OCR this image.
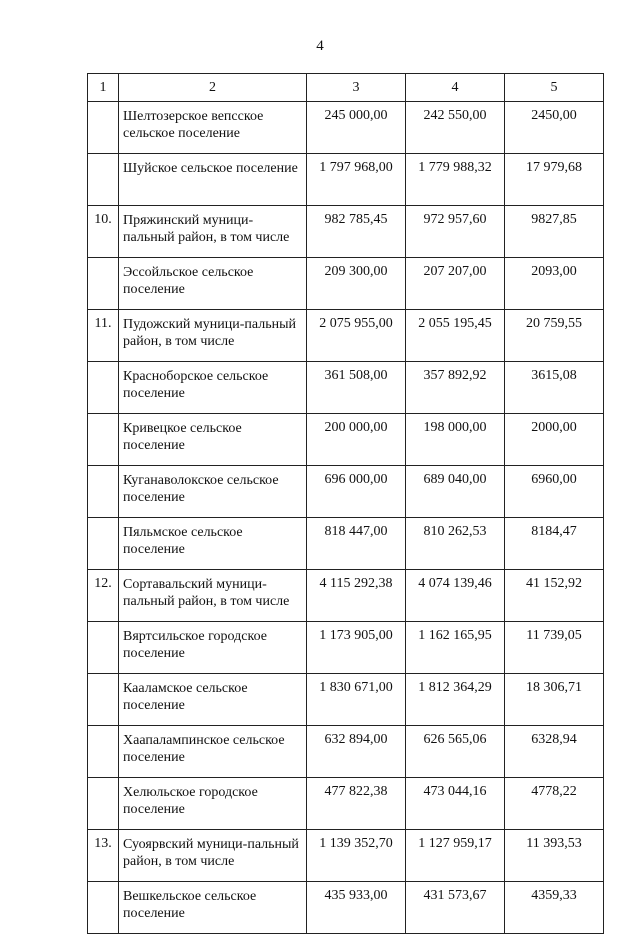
4
1	2	3	4	5
	Шелтозерское вепсское сельское поселение	245 000,00	242 550,00	2450,00
	Шуйское сельское поселение	1 797 968,00	1 779 988,32	17 979,68
10.	Пряжинский муници-пальный район, в том числе	982 785,45	972 957,60	9827,85
	Эссойльское сельское поселение	209 300,00	207 207,00	2093,00
11.	Пудожский муници-пальный район, в том числе	2 075 955,00	2 055 195,45	20 759,55
	Красноборское сельское поселение	361 508,00	357 892,92	3615,08
	Кривецкое сельское поселение	200 000,00	198 000,00	2000,00
	Куганаволокское сельское поселение	696 000,00	689 040,00	6960,00
	Пяльмское сельское поселение	818 447,00	810 262,53	8184,47
12.	Сортавальский муници-пальный район, в том числе	4 115 292,38	4 074 139,46	41 152,92
	Вяртсильское городское поселение	1 173 905,00	1 162 165,95	11 739,05
	Кааламское сельское поселение	1 830 671,00	1 812 364,29	18 306,71
	Хаапалампинское сельское поселение	632 894,00	626 565,06	6328,94
	Хелюльское городское поселение	477 822,38	473 044,16	4778,22
13.	Суоярвский муници-пальный район, в том числе	1 139 352,70	1 127 959,17	11 393,53
	Вешкельское сельское поселение	435 933,00	431 573,67	4359,33
